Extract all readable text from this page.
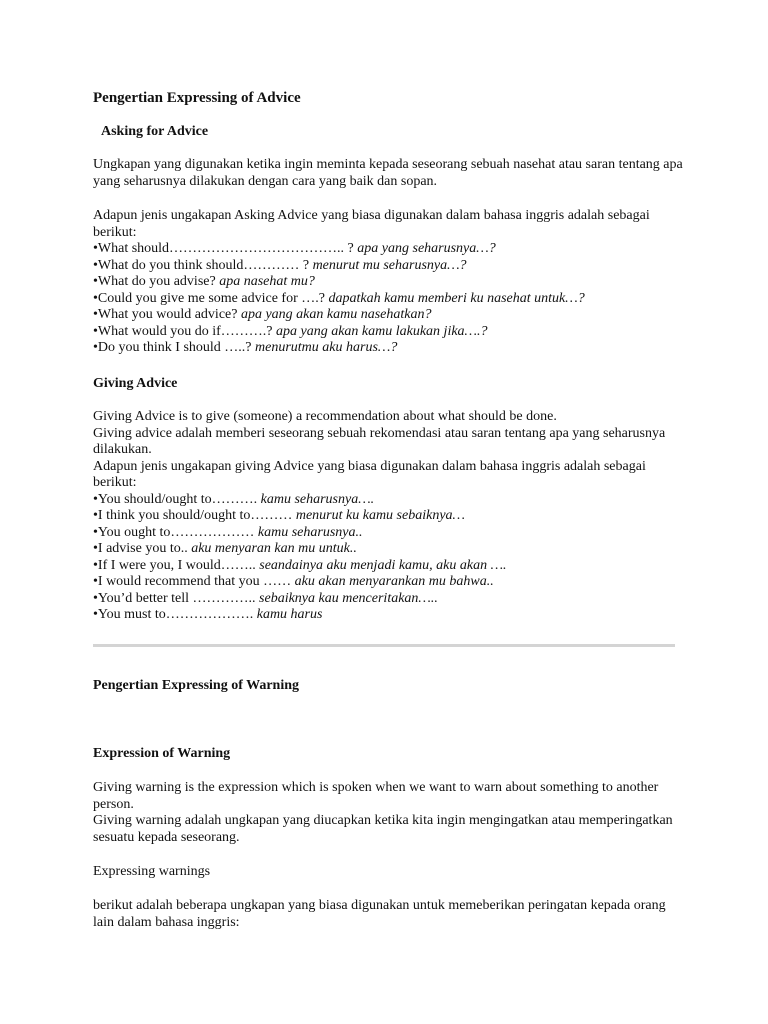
Pengertian Expressing of Advice
Asking for Advice

Ungkapan yang digunakan ketika ingin meminta kepada seseorang sebuah nasehat atau saran tentang apa yang seharusnya dilakukan dengan cara yang baik dan sopan.

Adapun jenis ungakapan Asking Advice yang biasa digunakan dalam bahasa inggris adalah sebagai berikut:

•What should……………………………….. ? apa yang seharusnya…?
•What do you think should………… ? menurut mu seharusnya…?
•What do you advise? apa nasehat mu?
•Could you give me some advice for ….? dapatkah kamu memberi ku nasehat untuk…?
•What you would advice? apa yang akan kamu nasehatkan?
•What would you do if……….? apa yang akan kamu lakukan jika….?
•Do you think I should …..? menurutmu aku harus…?
Giving Advice

Giving Advice is to give (someone) a recommendation about what should be done.

Giving advice adalah memberi seseorang sebuah rekomendasi atau saran tentang apa yang seharusnya dilakukan.

Adapun jenis ungakapan giving Advice yang biasa digunakan dalam bahasa inggris adalah sebagai berikut:

•You should/ought to………. kamu seharusnya….
•I think you should/ought to……… menurut ku kamu sebaiknya…
•You ought to……………… kamu seharusnya..
•I advise you to.. aku menyaran kan mu untuk..
•If I were you, I would…….. seandainya aku menjadi kamu, aku akan ….
•I would recommend that you …… aku akan menyarankan mu bahwa..
•You’d better tell ………….. sebaiknya kau menceritakan…..
•You must to………………. kamu harus
Pengertian Expressing of Warning
Expression of Warning

Giving warning is the expression which is spoken when we want to warn about something to another person.

Giving warning adalah ungkapan yang diucapkan ketika kita ingin mengingatkan atau memperingatkan sesuatu kepada seseorang.

Expressing warnings

berikut adalah beberapa ungkapan yang biasa digunakan untuk memeberikan peringatan kepada orang lain dalam bahasa inggris:
